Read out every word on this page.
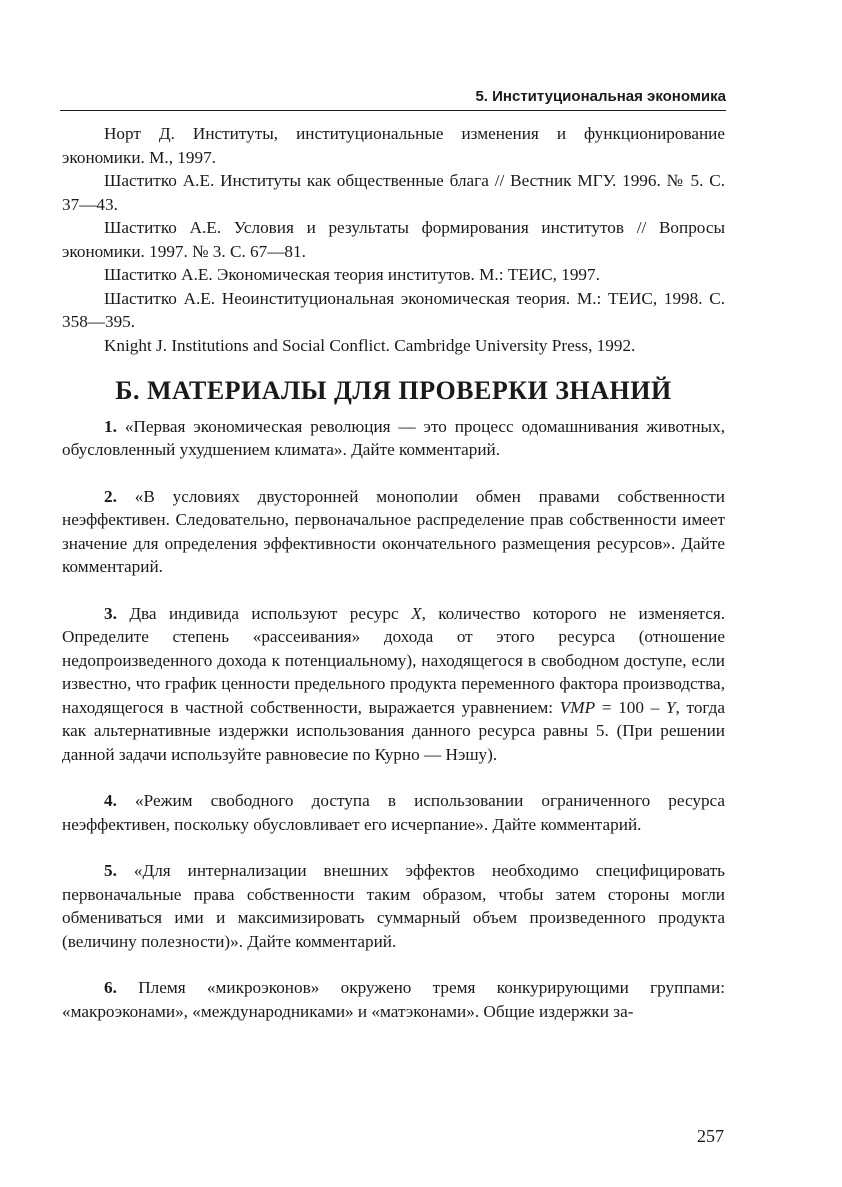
5. Институциональная экономика

Норт Д. Институты, институциональные изменения и функционирование экономики. М., 1997.

Шаститко А.Е. Институты как общественные блага // Вестник МГУ. 1996. № 5. С. 37—43.

Шаститко А.Е. Условия и результаты формирования институтов // Вопросы экономики. 1997. № 3. С. 67—81.

Шаститко А.Е. Экономическая теория институтов. М.: ТЕИС, 1997.

Шаститко А.Е. Неоинституциональная экономическая теория. М.: ТЕИС, 1998. С. 358—395.

Knight J. Institutions and Social Conflict. Cambridge University Press, 1992.

Б. МАТЕРИАЛЫ ДЛЯ ПРОВЕРКИ ЗНАНИЙ

1. «Первая экономическая революция — это процесс одомашнивания животных, обусловленный ухудшением климата». Дайте комментарий.

2. «В условиях двусторонней монополии обмен правами собственности неэффективен. Следовательно, первоначальное распределение прав собственности имеет значение для определения эффективности окончательного размещения ресурсов». Дайте комментарий.

3. Два индивида используют ресурс X, количество которого не изменяется. Определите степень «рассеивания» дохода от этого ресурса (отношение недопроизведенного дохода к потенциальному), находящегося в свободном доступе, если известно, что график ценности предельного продукта переменного фактора производства, находящегося в частной собственности, выражается уравнением: VMP = 100 – Y, тогда как альтернативные издержки использования данного ресурса равны 5. (При решении данной задачи используйте равновесие по Курно — Нэшу).

4. «Режим свободного доступа в использовании ограниченного ресурса неэффективен, поскольку обусловливает его исчерпание». Дайте комментарий.

5. «Для интернализации внешних эффектов необходимо специфицировать первоначальные права собственности таким образом, чтобы затем стороны могли обмениваться ими и максимизировать суммарный объем произведенного продукта (величину полезности)». Дайте комментарий.

6. Племя «микроэконов» окружено тремя конкурирующими группами: «макроэконами», «международниками» и «матэконами». Общие издержки за-

257
